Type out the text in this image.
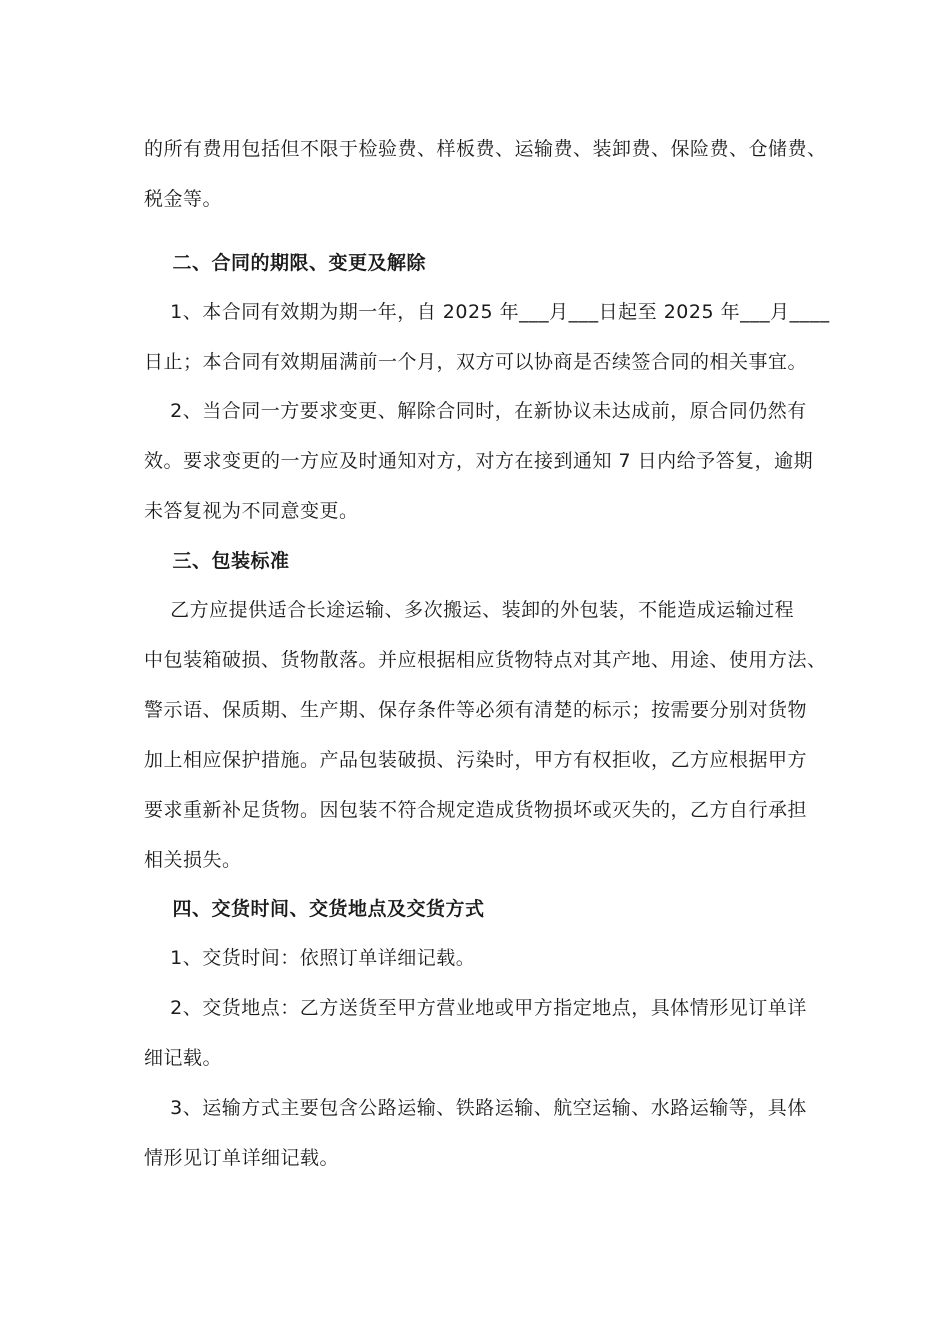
的所有费用包括但不限于检验费、样板费、运输费、装卸费、保险费、仓储费、
税金等。
二、合同的期限、变更及解除
1、本合同有效期为期一年，自 2025 年___月___日起至 2025 年___月____
日止；本合同有效期届满前一个月，双方可以协商是否续签合同的相关事宜。
2、当合同一方要求变更、解除合同时，在新协议未达成前，原合同仍然有
效。要求变更的一方应及时通知对方，对方在接到通知 7 日内给予答复，逾期
未答复视为不同意变更。
三、包装标准
乙方应提供适合长途运输、多次搬运、装卸的外包装，不能造成运输过程
中包装箱破损、货物散落。并应根据相应货物特点对其产地、用途、使用方法、
警示语、保质期、生产期、保存条件等必须有清楚的标示；按需要分别对货物
加上相应保护措施。产品包装破损、污染时，甲方有权拒收，乙方应根据甲方
要求重新补足货物。因包装不符合规定造成货物损坏或灭失的，乙方自行承担
相关损失。
四、交货时间、交货地点及交货方式
1、交货时间：依照订单详细记载。
2、交货地点：乙方送货至甲方营业地或甲方指定地点，具体情形见订单详
细记载。
3、运输方式主要包含公路运输、铁路运输、航空运输、水路运输等，具体
情形见订单详细记载。
